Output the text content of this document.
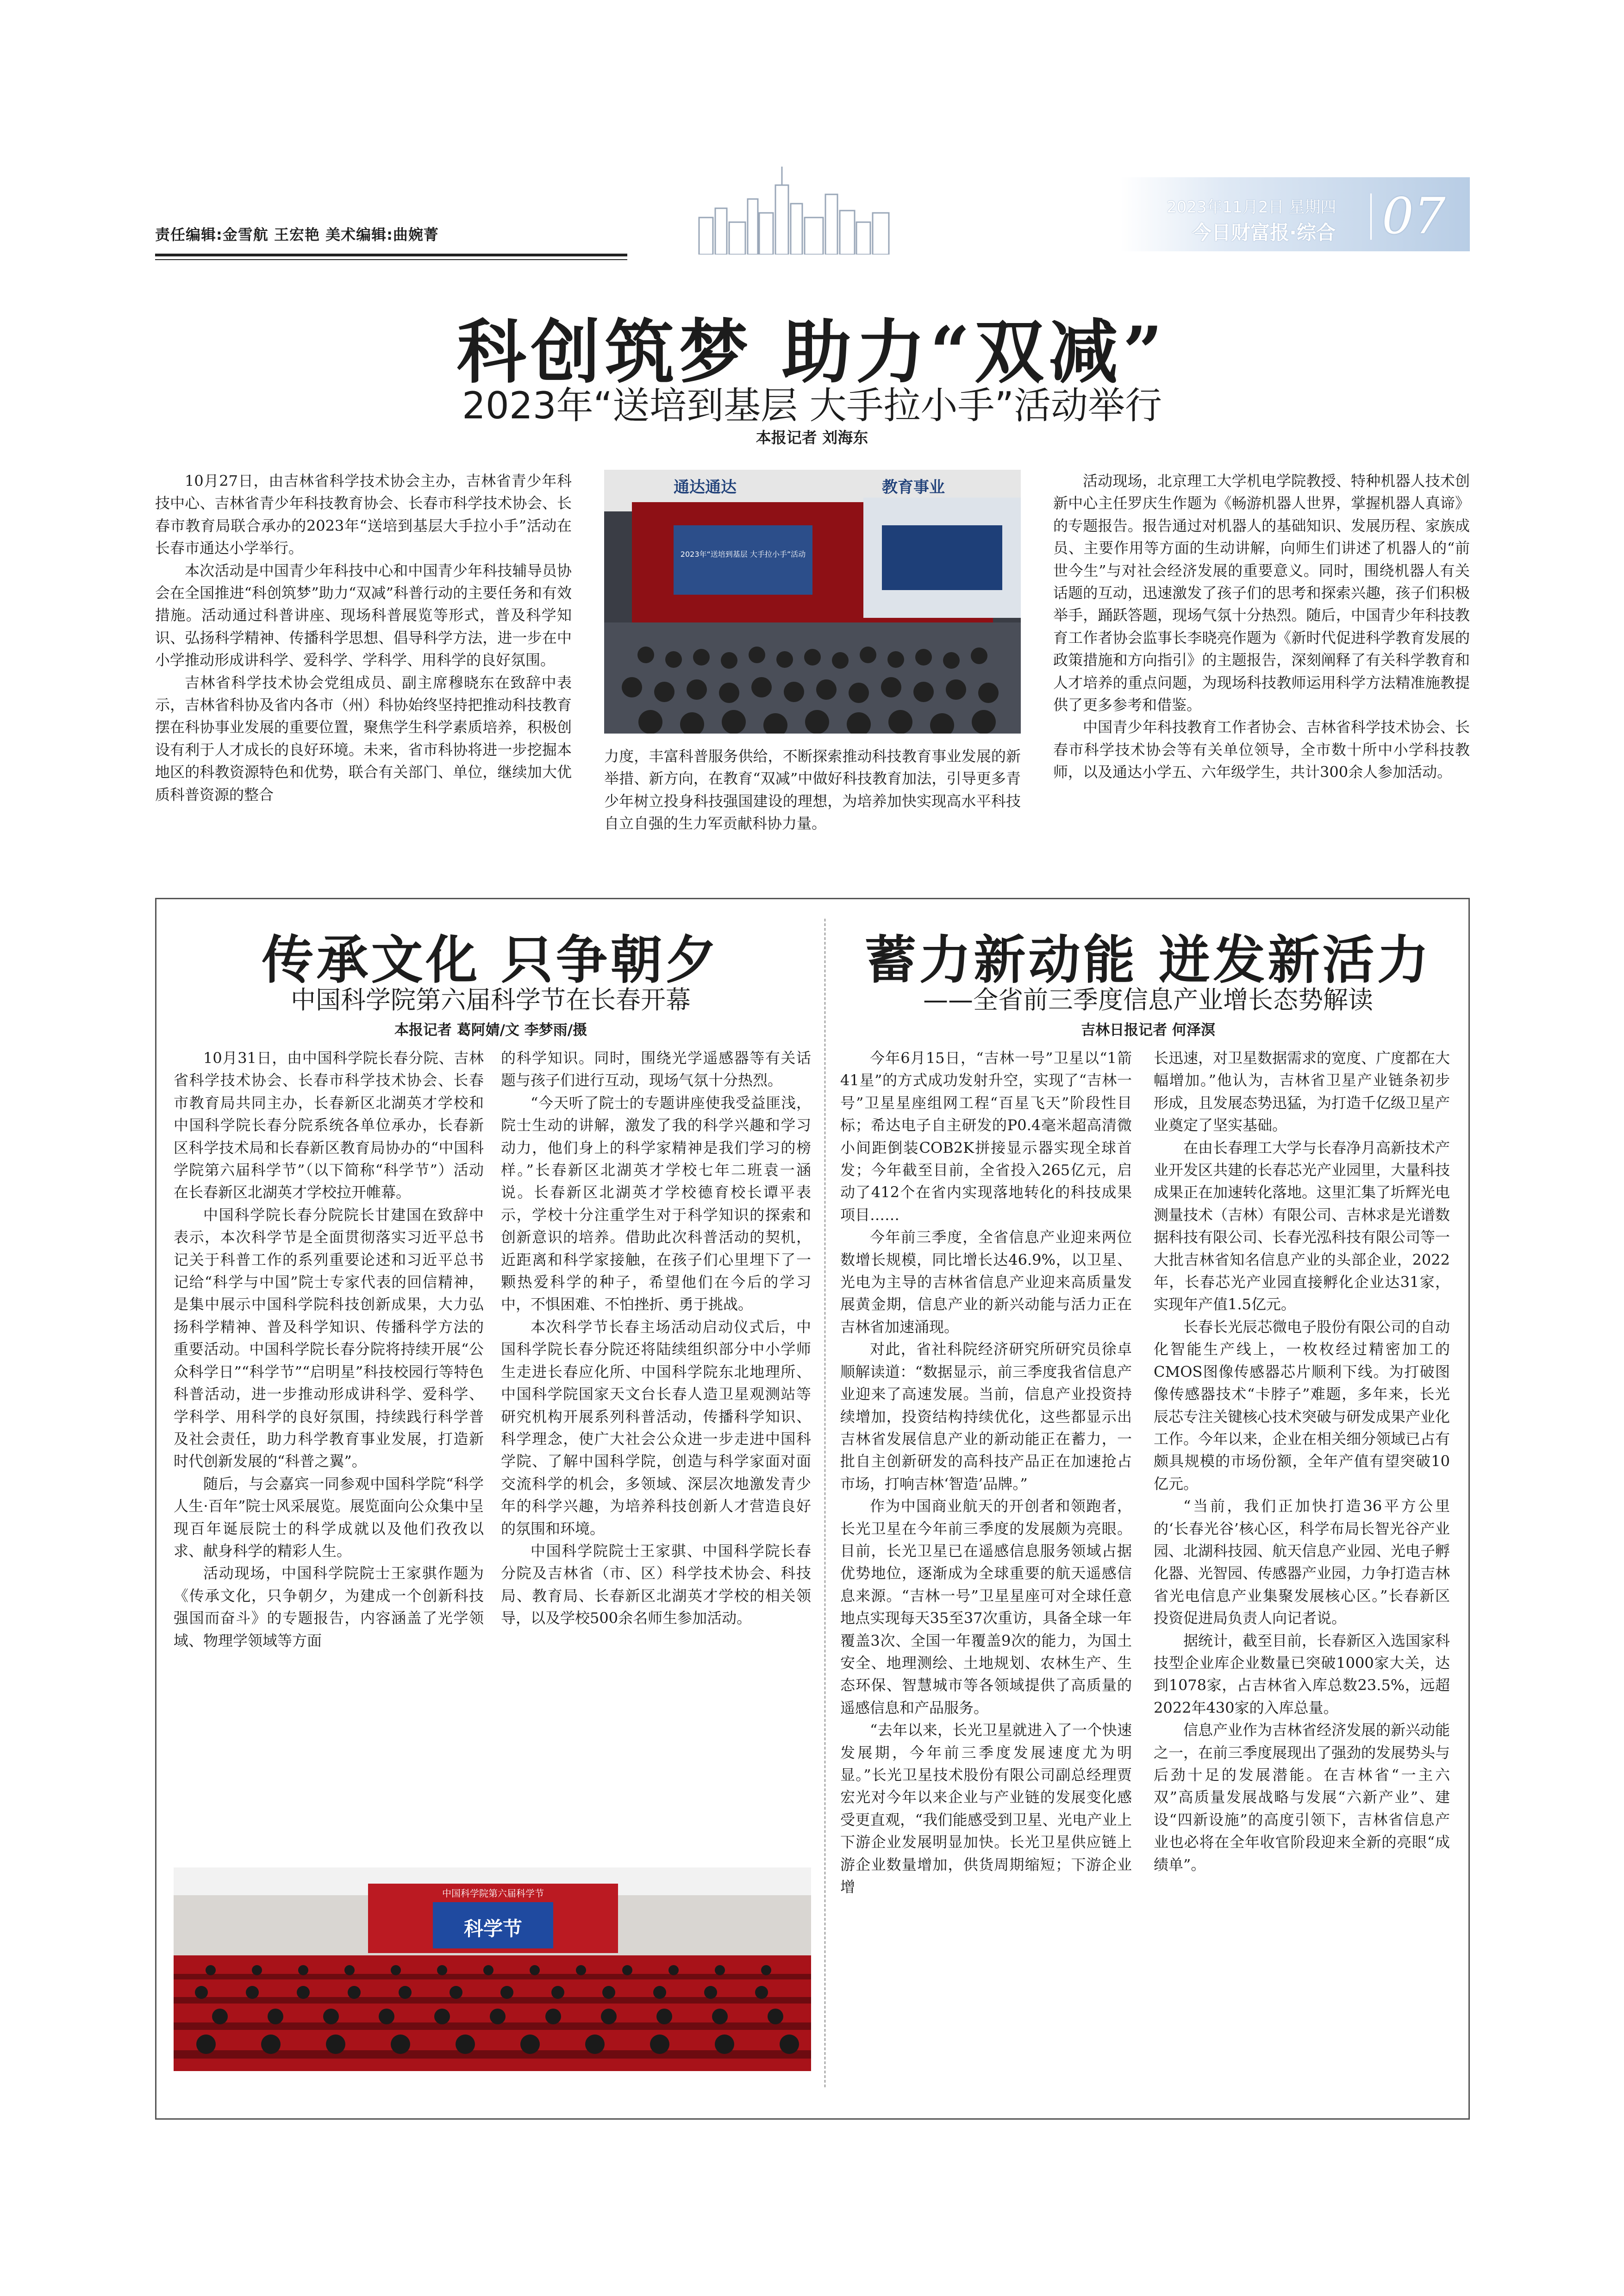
责任编辑:金雪航 王宏艳 美术编辑:曲婉菁
2023年11月2日 星期四
今日财富报·综合 07
科创筑梦 助力“双减”
2023年“送培到基层 大手拉小手”活动举行
本报记者 刘海东

10月27日，由吉林省科学技术协会主办，吉林省青少年科技中心、吉林省青少年科技教育协会、长春市科学技术协会、长春市教育局联合承办的2023年“送培到基层大手拉小手”活动在长春市通达小学举行。

本次活动是中国青少年科技中心和中国青少年科技辅导员协会在全国推进“科创筑梦”助力“双减”科普行动的主要任务和有效措施。活动通过科普讲座、现场科普展览等形式，普及科学知识、弘扬科学精神、传播科学思想、倡导科学方法，进一步在中小学推动形成讲科学、爱科学、学科学、用科学的良好氛围。

吉林省科学技术协会党组成员、副主席穆晓东在致辞中表示，吉林省科协及省内各市（州）科协始终坚持把推动科技教育摆在科协事业发展的重要位置，聚焦学生科学素质培养，积极创设有利于人才成长的良好环境。未来，省市科协将进一步挖掘本地区的科教资源特色和优势，联合有关部门、单位，继续加大优质科普资源的整合

通达通达	教育事业
2023年“送培到基层 大手拉小手”活动

力度，丰富科普服务供给，不断探索推动科技教育事业发展的新举措、新方向，在教育“双减”中做好科技教育加法，引导更多青少年树立投身科技强国建设的理想，为培养加快实现高水平科技自立自强的生力军贡献科协力量。

活动现场，北京理工大学机电学院教授、特种机器人技术创新中心主任罗庆生作题为《畅游机器人世界，掌握机器人真谛》的专题报告。报告通过对机器人的基础知识、发展历程、家族成员、主要作用等方面的生动讲解，向师生们讲述了机器人的“前世今生”与对社会经济发展的重要意义。同时，围绕机器人有关话题的互动，迅速激发了孩子们的思考和探索兴趣，孩子们积极举手，踊跃答题，现场气氛十分热烈。随后，中国青少年科技教育工作者协会监事长李晓亮作题为《新时代促进科学教育发展的政策措施和方向指引》的主题报告，深刻阐释了有关科学教育和人才培养的重点问题，为现场科技教师运用科学方法精准施教提供了更多参考和借鉴。

中国青少年科技教育工作者协会、吉林省科学技术协会、长春市科学技术协会等有关单位领导，全市数十所中小学科技教师，以及通达小学五、六年级学生，共计300余人参加活动。

传承文化 只争朝夕
中国科学院第六届科学节在长春开幕
本报记者 葛阿婧/文 李梦雨/摄

10月31日，由中国科学院长春分院、吉林省科学技术协会、长春市科学技术协会、长春市教育局共同主办，长春新区北湖英才学校和中国科学院长春分院系统各单位承办，长春新区科学技术局和长春新区教育局协办的“中国科学院第六届科学节”（以下简称“科学节”）活动在长春新区北湖英才学校拉开帷幕。

中国科学院长春分院院长甘建国在致辞中表示，本次科学节是全面贯彻落实习近平总书记关于科普工作的系列重要论述和习近平总书记给“科学与中国”院士专家代表的回信精神，是集中展示中国科学院科技创新成果，大力弘扬科学精神、普及科学知识、传播科学方法的重要活动。中国科学院长春分院将持续开展“公众科学日”“科学节”“启明星”科技校园行等特色科普活动，进一步推动形成讲科学、爱科学、学科学、用科学的良好氛围，持续践行科学普及社会责任，助力科学教育事业发展，打造新时代创新发展的“科普之翼”。

随后，与会嘉宾一同参观中国科学院“科学人生·百年”院士风采展览。展览面向公众集中呈现百年诞辰院士的科学成就以及他们孜孜以求、献身科学的精彩人生。

活动现场，中国科学院院士王家骐作题为《传承文化，只争朝夕，为建成一个创新科技强国而奋斗》的专题报告，内容涵盖了光学领域、物理学领域等方面

的科学知识。同时，围绕光学遥感器等有关话题与孩子们进行互动，现场气氛十分热烈。

“今天听了院士的专题讲座使我受益匪浅，院士生动的讲解，激发了我的科学兴趣和学习动力，他们身上的科学家精神是我们学习的榜样。”长春新区北湖英才学校七年二班袁一涵说。长春新区北湖英才学校德育校长谭平表示，学校十分注重学生对于科学知识的探索和创新意识的培养。借助此次科普活动的契机，近距离和科学家接触，在孩子们心里埋下了一颗热爱科学的种子，希望他们在今后的学习中，不惧困难、不怕挫折、勇于挑战。

本次科学节长春主场活动启动仪式后，中国科学院长春分院还将陆续组织部分中小学师生走进长春应化所、中国科学院东北地理所、中国科学院国家天文台长春人造卫星观测站等研究机构开展系列科普活动，传播科学知识、科学理念，使广大社会公众进一步走进中国科学院、了解中国科学院，创造与科学家面对面交流科学的机会，多领域、深层次地激发青少年的科学兴趣，为培养科技创新人才营造良好的氛围和环境。

中国科学院院士王家骐、中国科学院长春分院及吉林省（市、区）科学技术协会、科技局、教育局、长春新区北湖英才学校的相关领导，以及学校500余名师生参加活动。

中国科学院第六届科学节
科学节
蓄力新动能 迸发新活力
——全省前三季度信息产业增长态势解读
吉林日报记者 何泽溟

今年6月15日，“吉林一号”卫星以“1箭41星”的方式成功发射升空，实现了“吉林一号”卫星星座组网工程“百星飞天”阶段性目标；希达电子自主研发的P0.4毫米超高清微小间距倒装COB2K拼接显示器实现全球首发；今年截至目前，全省投入265亿元，启动了412个在省内实现落地转化的科技成果项目……

今年前三季度，全省信息产业迎来两位数增长规模，同比增长达46.9%，以卫星、光电为主导的吉林省信息产业迎来高质量发展黄金期，信息产业的新兴动能与活力正在吉林省加速涌现。

对此，省社科院经济研究所研究员徐卓顺解读道：“数据显示，前三季度我省信息产业迎来了高速发展。当前，信息产业投资持续增加，投资结构持续优化，这些都显示出吉林省发展信息产业的新动能正在蓄力，一批自主创新研发的高科技产品正在加速抢占市场，打响吉林‘智造’品牌。”

作为中国商业航天的开创者和领跑者，长光卫星在今年前三季度的发展颇为亮眼。目前，长光卫星已在遥感信息服务领域占据优势地位，逐渐成为全球重要的航天遥感信息来源。“吉林一号”卫星星座可对全球任意地点实现每天35至37次重访，具备全球一年覆盖3次、全国一年覆盖9次的能力，为国土安全、地理测绘、土地规划、农林生产、生态环保、智慧城市等各领域提供了高质量的遥感信息和产品服务。

“去年以来，长光卫星就进入了一个快速发展期，今年前三季度发展速度尤为明显。”长光卫星技术股份有限公司副总经理贾宏光对今年以来企业与产业链的发展变化感受更直观，“我们能感受到卫星、光电产业上下游企业发展明显加快。长光卫星供应链上游企业数量增加，供货周期缩短；下游企业增

长迅速，对卫星数据需求的宽度、广度都在大幅增加。”他认为，吉林省卫星产业链条初步形成，且发展态势迅猛，为打造千亿级卫星产业奠定了坚实基础。

在由长春理工大学与长春净月高新技术产业开发区共建的长春芯光产业园里，大量科技成果正在加速转化落地。这里汇集了圻辉光电测量技术（吉林）有限公司、吉林求是光谱数据科技有限公司、长春光泓科技有限公司等一大批吉林省知名信息产业的头部企业，2022年，长春芯光产业园直接孵化企业达31家，实现年产值1.5亿元。

长春长光辰芯微电子股份有限公司的自动化智能生产线上，一枚枚经过精密加工的CMOS图像传感器芯片顺利下线。为打破图像传感器技术“卡脖子”难题，多年来，长光辰芯专注关键核心技术突破与研发成果产业化工作。今年以来，企业在相关细分领域已占有颇具规模的市场份额，全年产值有望突破10亿元。

“当前，我们正加快打造36平方公里的‘长春光谷’核心区，科学布局长智光谷产业园、北湖科技园、航天信息产业园、光电子孵化器、光智园、传感器产业园，力争打造吉林省光电信息产业集聚发展核心区。”长春新区投资促进局负责人向记者说。

据统计，截至目前，长春新区入选国家科技型企业库企业数量已突破1000家大关，达到1078家，占吉林省入库总数23.5%，远超2022年430家的入库总量。

信息产业作为吉林省经济发展的新兴动能之一，在前三季度展现出了强劲的发展势头与后劲十足的发展潜能。在吉林省“一主六双”高质量发展战略与发展“六新产业”、建设“四新设施”的高度引领下，吉林省信息产业也必将在全年收官阶段迎来全新的亮眼“成绩单”。
